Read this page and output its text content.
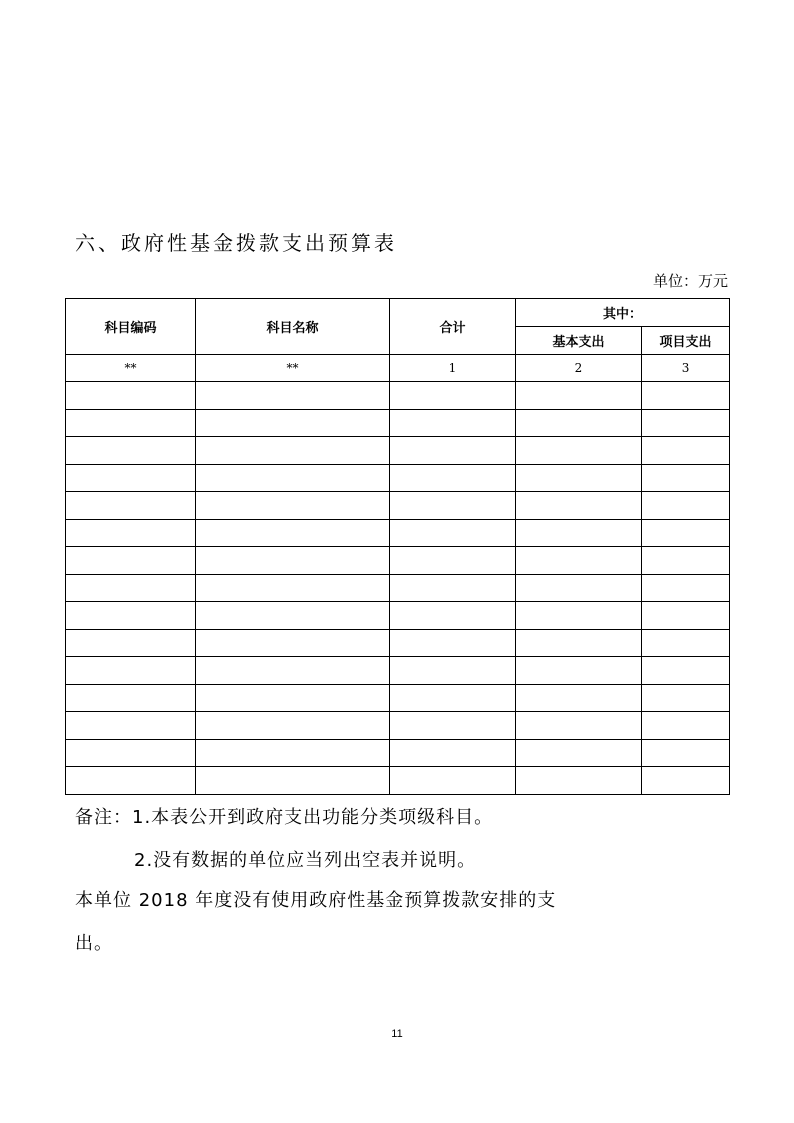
六、政府性基金拨款支出预算表
单位：万元
科目编码	科目名称	合计	其中：	
			基本支出	项目支出
**	**	1	2	3

备注：1.本表公开到政府支出功能分类项级科目。
2.没有数据的单位应当列出空表并说明。
本单位 2018 年度没有使用政府性基金预算拨款安排的支
出。
11
